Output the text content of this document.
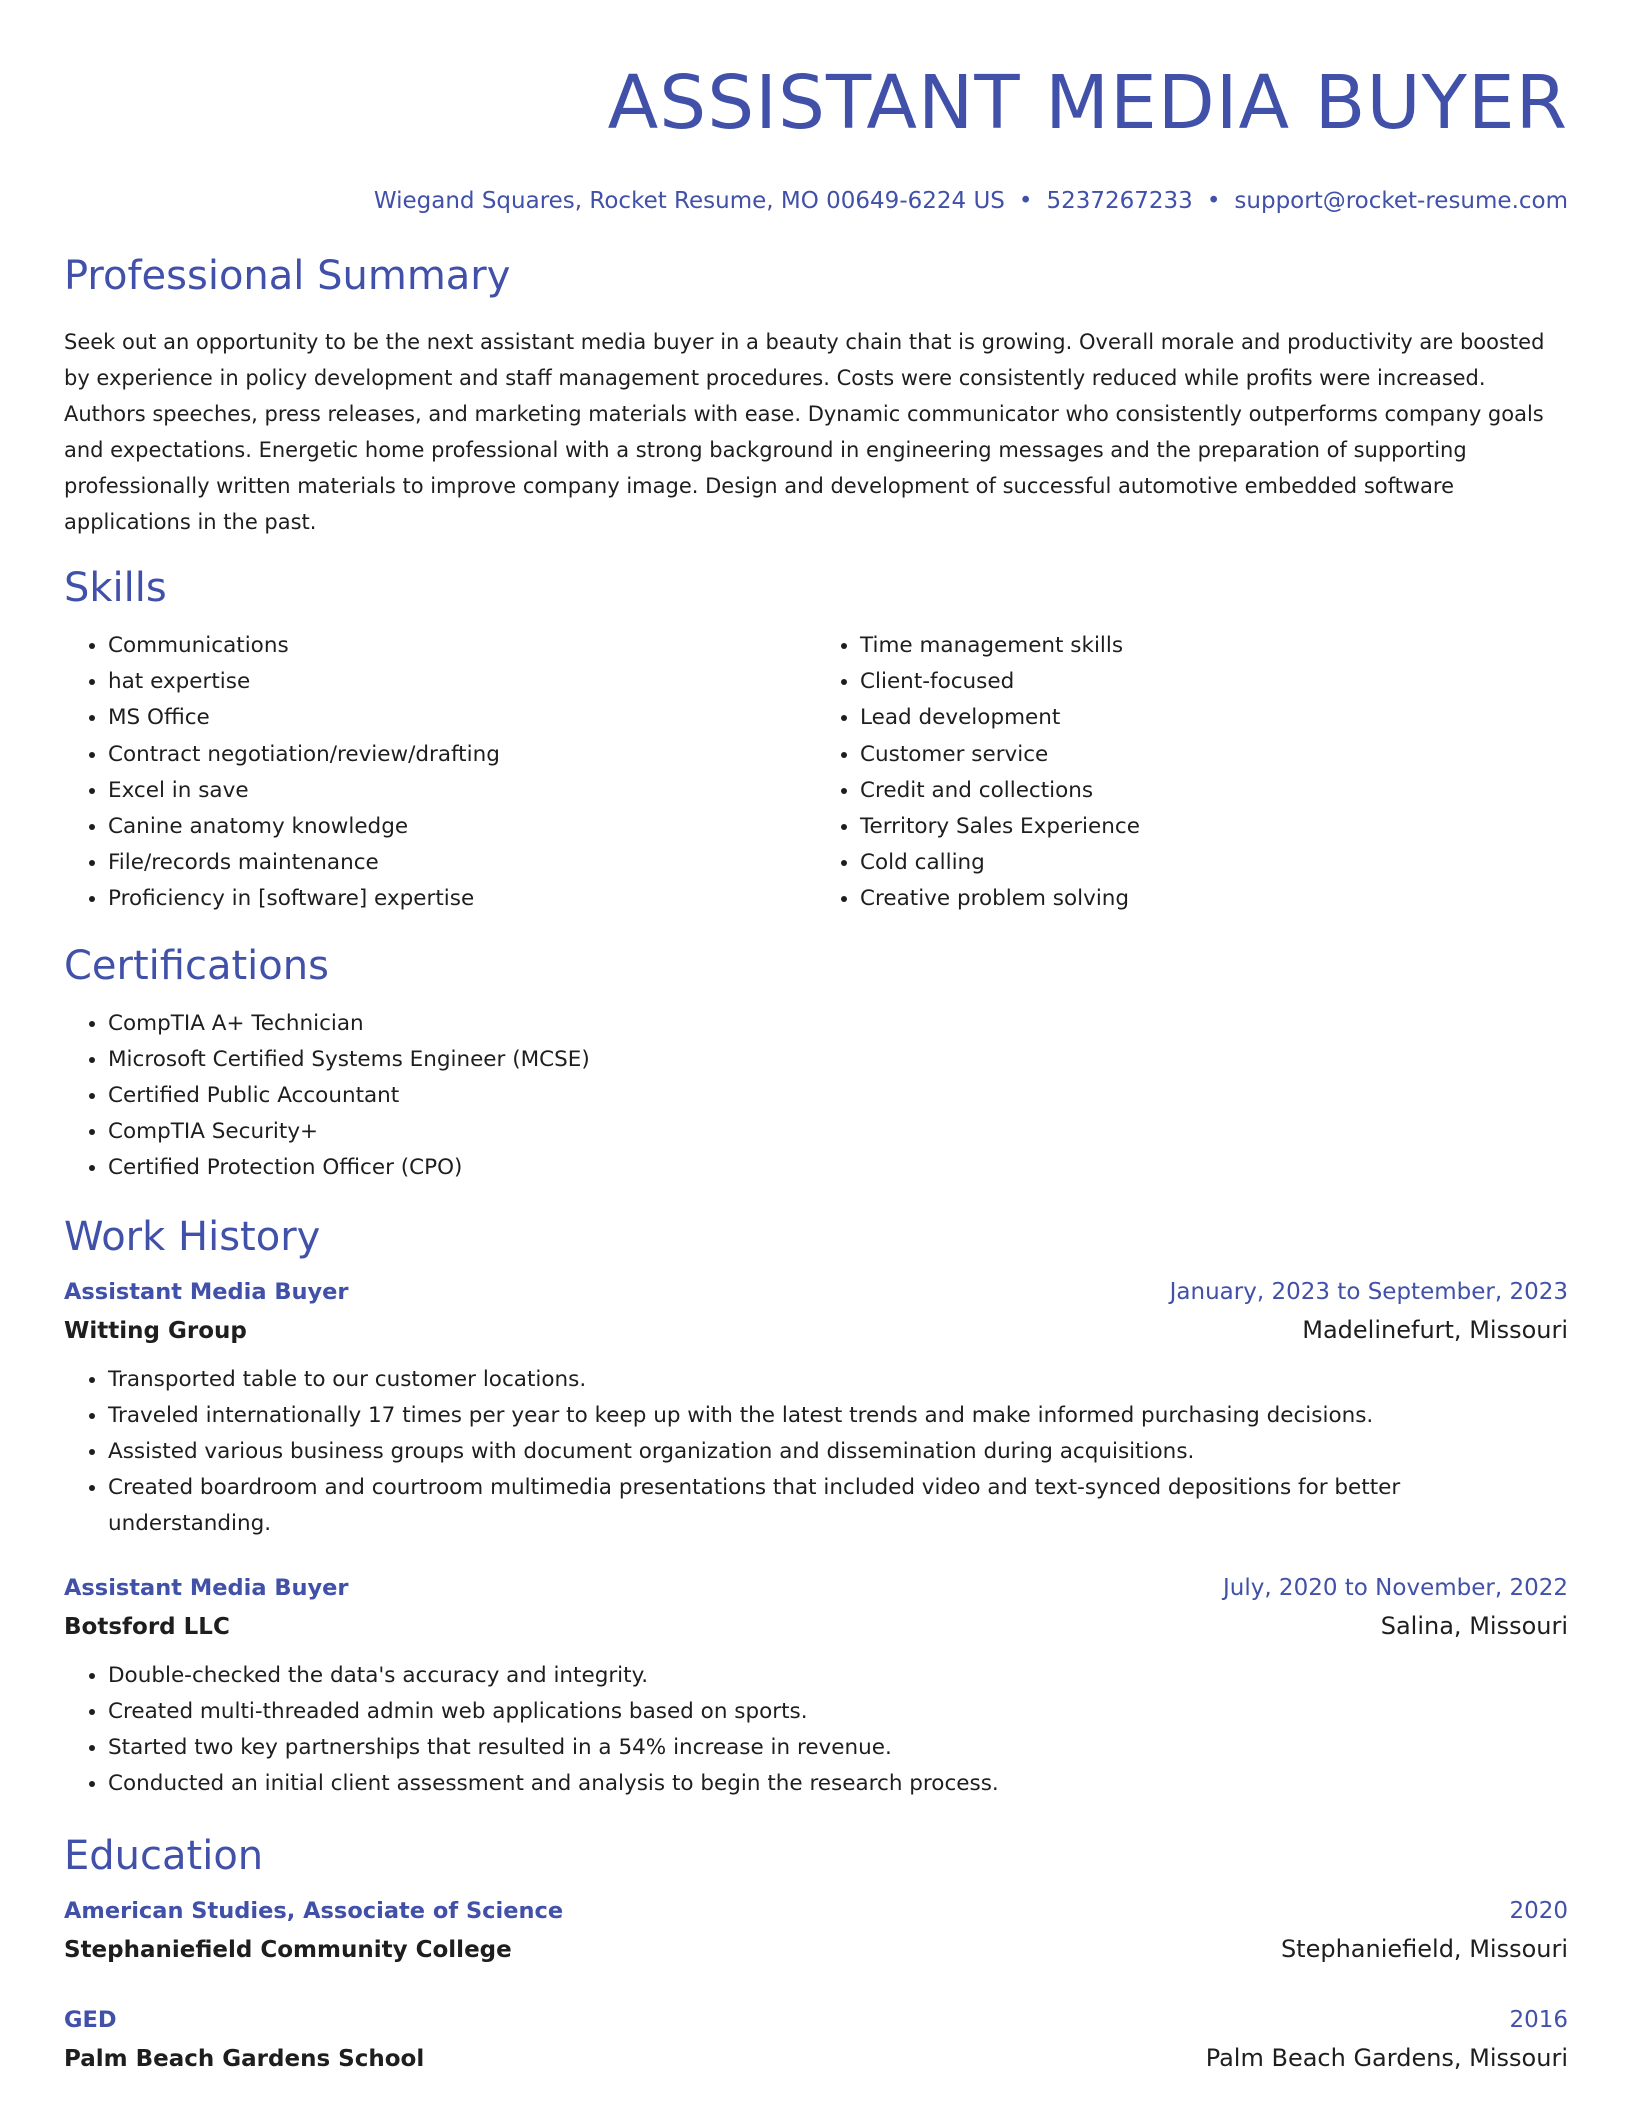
ASSISTANT MEDIA BUYER
Wiegand Squares, Rocket Resume, MO 00649-6224 US • 5237267233 • support@rocket-resume.com
Professional Summary

Seek out an opportunity to be the next assistant media buyer in a beauty chain that is growing. Overall morale and productivity are boosted by experience in policy development and staff management procedures. Costs were consistently reduced while profits were increased. Authors speeches, press releases, and marketing materials with ease. Dynamic communicator who consistently outperforms company goals and expectations. Energetic home professional with a strong background in engineering messages and the preparation of supporting professionally written materials to improve company image. Design and development of successful automotive embedded software applications in the past.

Skills
• Communications
• hat expertise
• MS Office
• Contract negotiation/review/drafting
• Excel in save
• Canine anatomy knowledge
• File/records maintenance
• Proficiency in [software] expertise
• Time management skills
• Client-focused
• Lead development
• Customer service
• Credit and collections
• Territory Sales Experience
• Cold calling
• Creative problem solving
Certifications
• CompTIA A+ Technician
• Microsoft Certified Systems Engineer (MCSE)
• Certified Public Accountant
• CompTIA Security+
• Certified Protection Officer (CPO)
Work History
Assistant Media Buyer	January, 2023 to September, 2023
Witting Group	Madelinefurt, Missouri
• Transported table to our customer locations.
• Traveled internationally 17 times per year to keep up with the latest trends and make informed purchasing decisions.
• Assisted various business groups with document organization and dissemination during acquisitions.
• Created boardroom and courtroom multimedia presentations that included video and text-synced depositions for better understanding.
Assistant Media Buyer	July, 2020 to November, 2022
Botsford LLC	Salina, Missouri
• Double-checked the data's accuracy and integrity.
• Created multi-threaded admin web applications based on sports.
• Started two key partnerships that resulted in a 54% increase in revenue.
• Conducted an initial client assessment and analysis to begin the research process.
Education
American Studies, Associate of Science	2020
Stephaniefield Community College	Stephaniefield, Missouri
GED	2016
Palm Beach Gardens School	Palm Beach Gardens, Missouri
